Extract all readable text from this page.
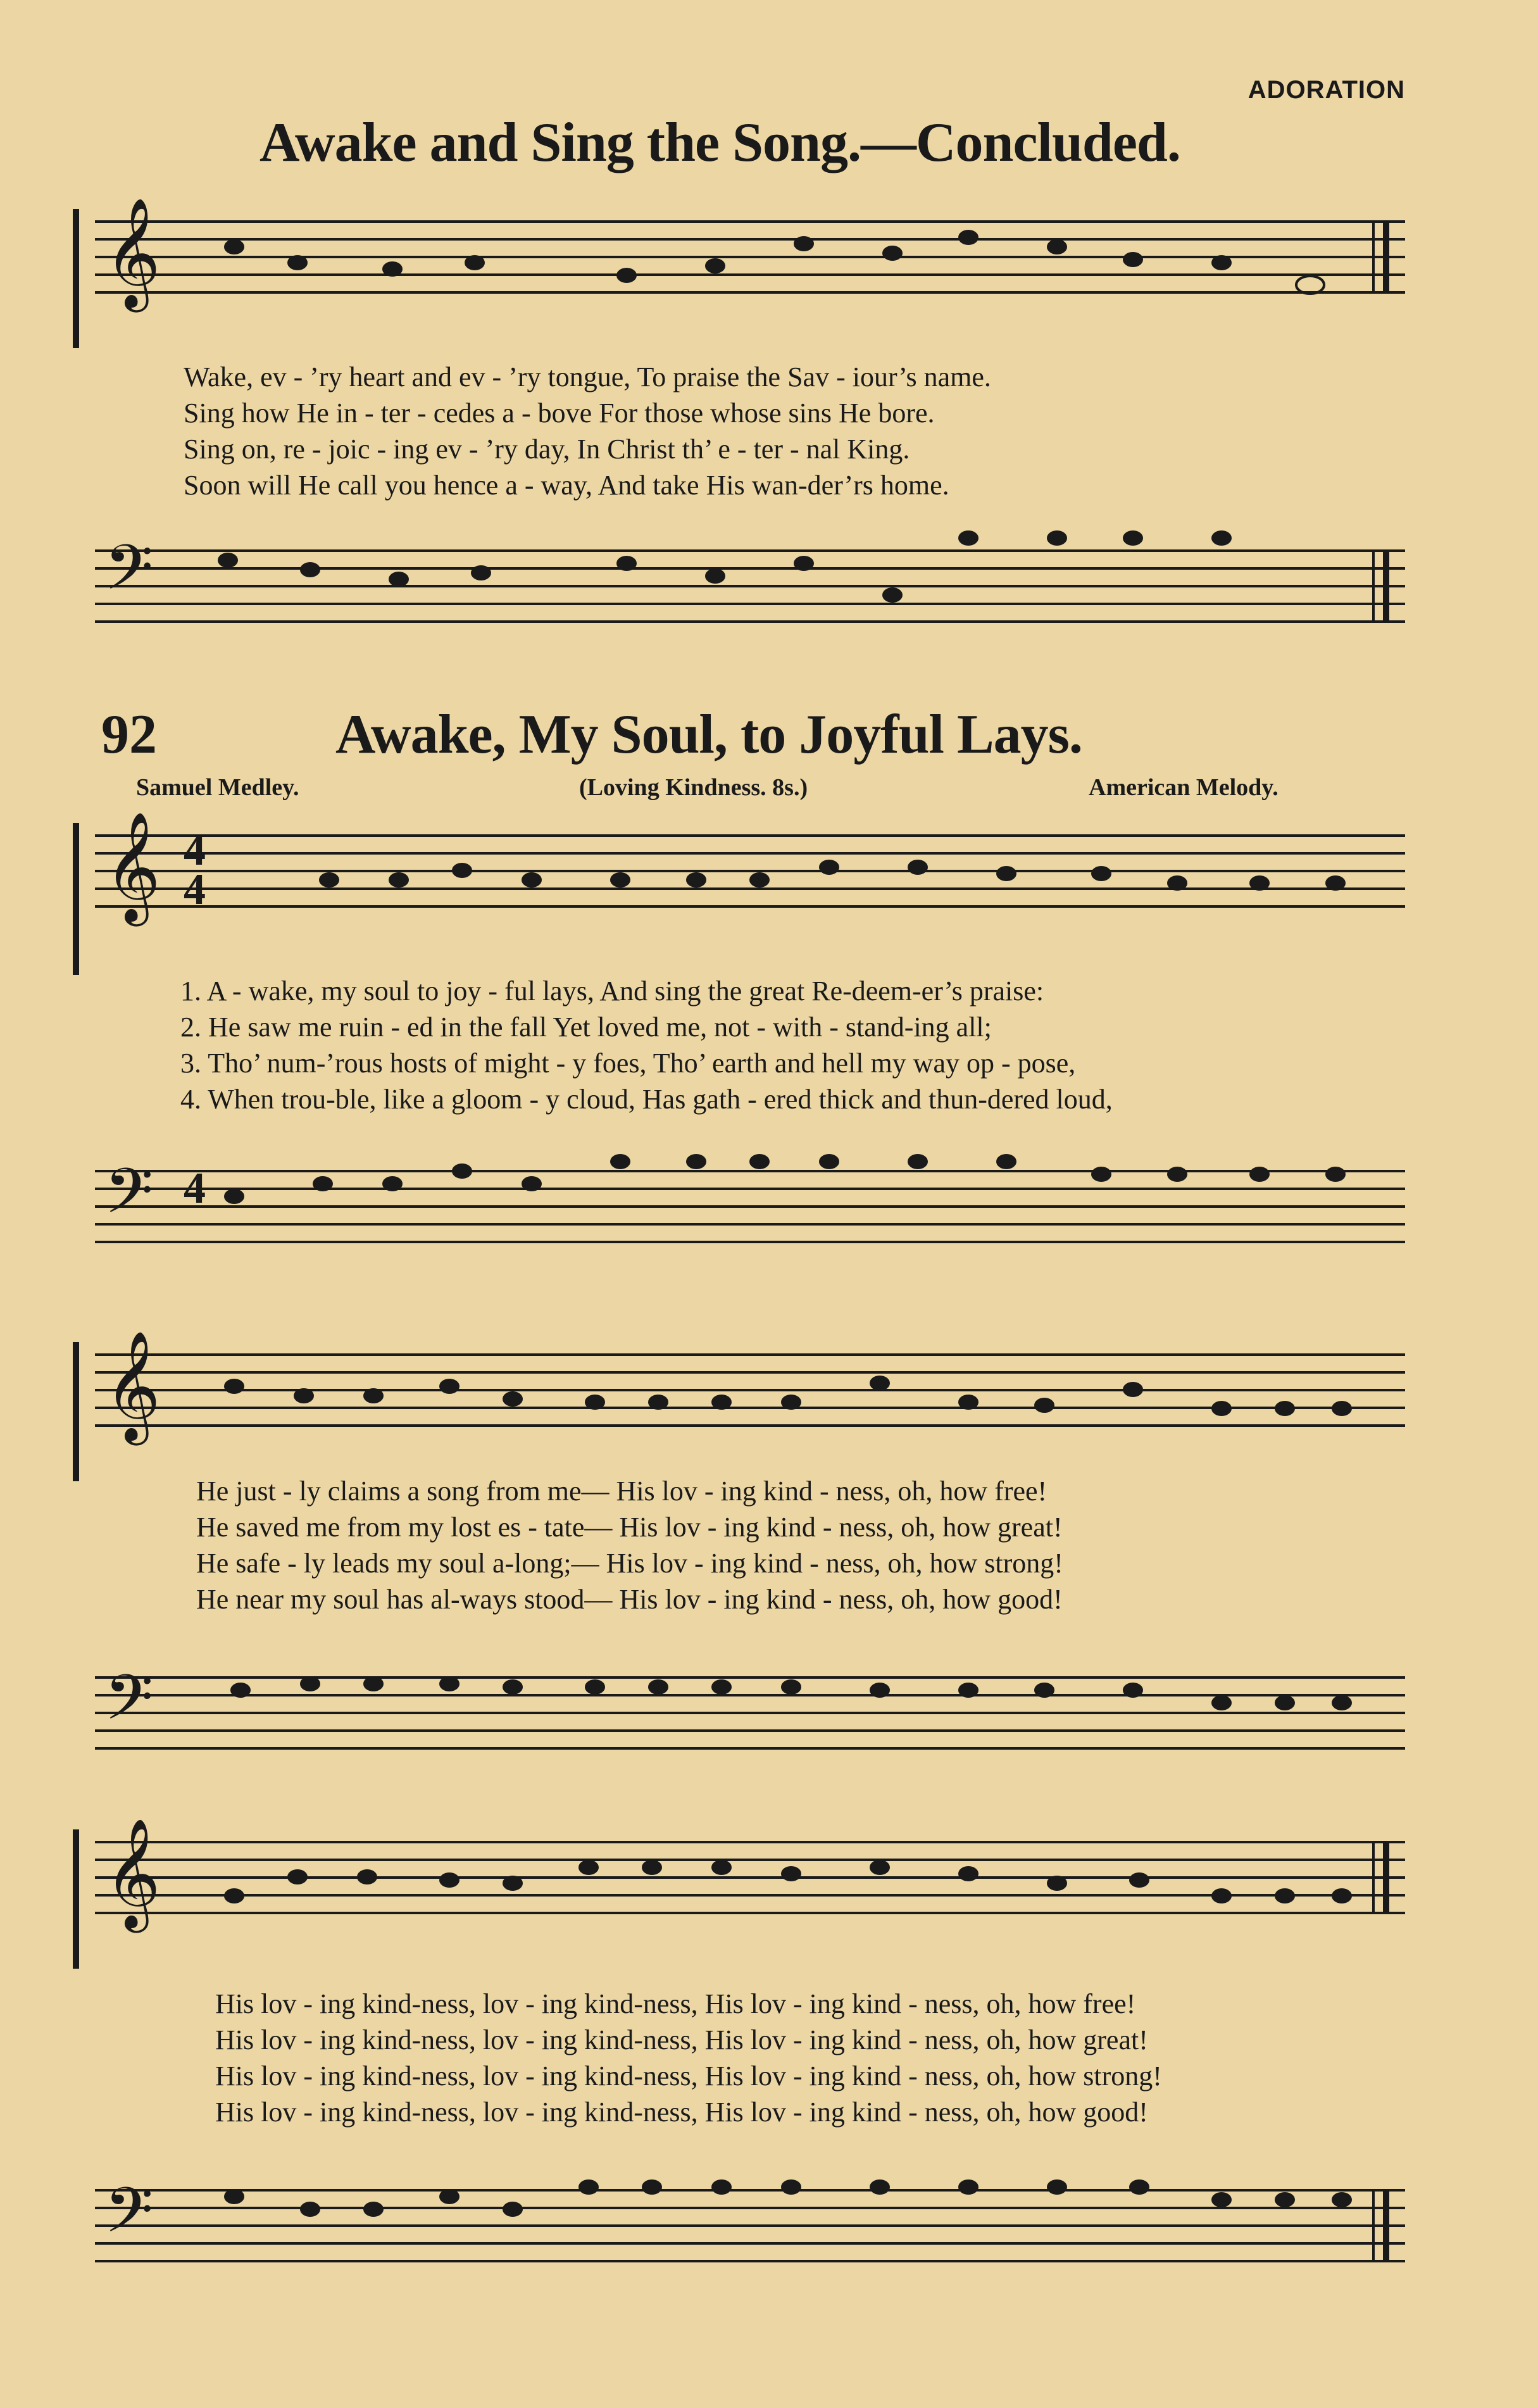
ADORATION
Awake and Sing the Song.—Concluded.
𝄞
Wake, ev - ’ry heart and ev - ’ry tongue, To praise the Sav - iour’s name.
Sing how He in - ter - cedes a - bove For those whose sins He bore.
Sing on, re - joic - ing ev - ’ry day, In Christ th’ e - ter - nal King.
Soon will He call you hence a - way, And take His wan-der’rs home.
𝄢
92	Awake, My Soul, to Joyful Lays.
Samuel Medley.	(Loving Kindness. 8s.)	American Melody.
𝄞 4
4
1. A - wake, my soul to joy - ful lays, And sing the great Re-deem-er’s praise:
2. He saw me ruin - ed in the fall Yet loved me, not - with - stand-ing all;
3. Tho’ num-’rous hosts of might - y foes, Tho’ earth and hell my way op - pose,
4. When trou-ble, like a gloom - y cloud, Has gath - ered thick and thun-dered loud,
𝄢 4
𝄞
He just - ly claims a song from me— His lov - ing kind - ness, oh, how free!
He saved me from my lost es - tate— His lov - ing kind - ness, oh, how great!
He safe - ly leads my soul a-long;— His lov - ing kind - ness, oh, how strong!
He near my soul has al-ways stood— His lov - ing kind - ness, oh, how good!
𝄢
𝄞
His lov - ing kind-ness, lov - ing kind-ness, His lov - ing kind - ness, oh, how free!
His lov - ing kind-ness, lov - ing kind-ness, His lov - ing kind - ness, oh, how great!
His lov - ing kind-ness, lov - ing kind-ness, His lov - ing kind - ness, oh, how strong!
His lov - ing kind-ness, lov - ing kind-ness, His lov - ing kind - ness, oh, how good!
𝄢
